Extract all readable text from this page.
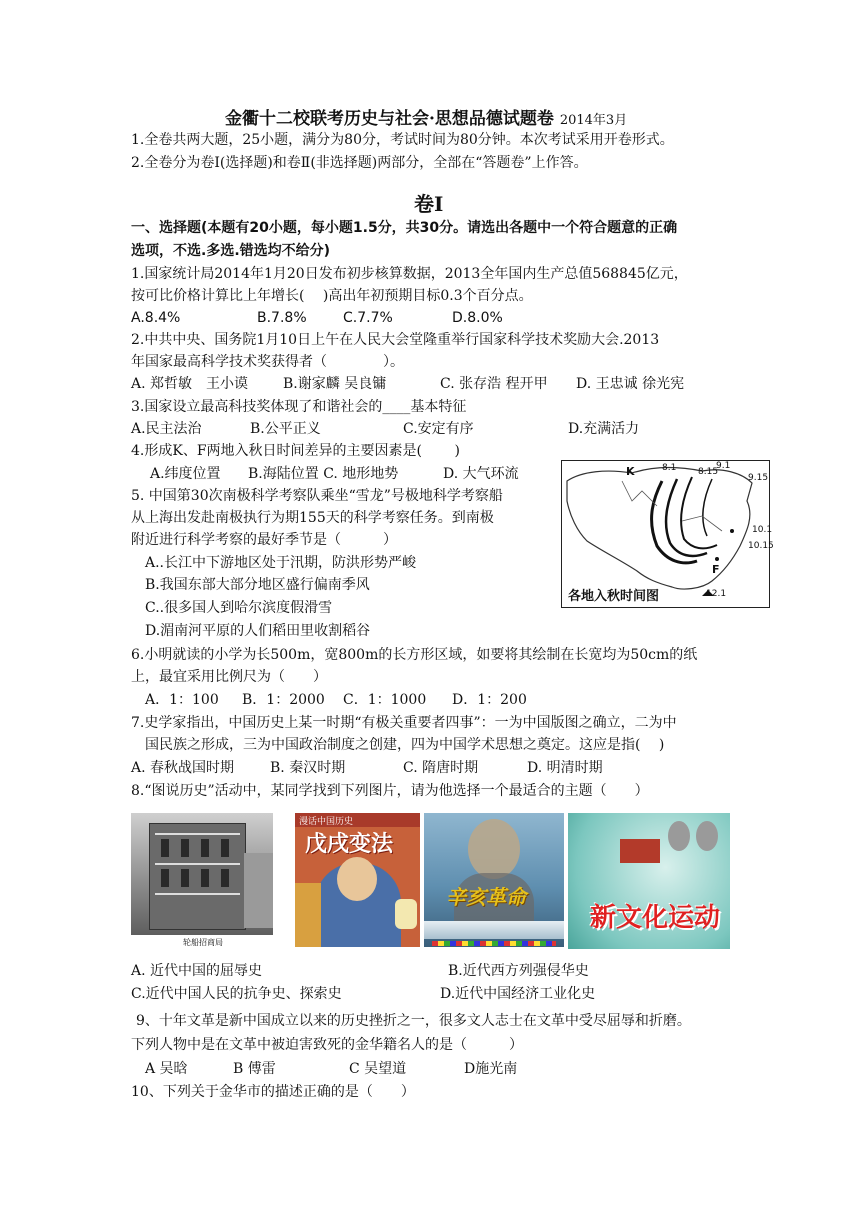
金衢十二校联考历史与社会·思想品德试题卷 2014年3月
1.全卷共两大题，25小题，满分为80分，考试时间为80分钟。本次考试采用开卷形式。
2.全卷分为卷Ⅰ(选择题)和卷Ⅱ(非选择题)两部分，全部在“答题卷”上作答。
卷Ⅰ
一、选择题(本题有20小题，每小题1.5分，共30分。请选出各题中一个符合题意的正确
选项，不选.多选.错选均不给分)
1.国家统计局2014年1月20日发布初步核算数据，2013全年国内生产总值568845亿元，
按可比价格计算比上年增长(　 )高出年初预期目标0.3个百分点。
A.8.4%	B.7.8%	C.7.7%	D.8.0%
2.中共中央、国务院1月10日上午在人民大会堂隆重举行国家科学技术奖励大会.2013
年国家最高科学技术奖获得者（　　　　）。
A. 郑哲敏　王小谟 B.谢家麟 吴良镛	C. 张存浩 程开甲 D. 王忠诚 徐光宪
3.国家设立最高科技奖体现了和谐社会的____基本特征
A.民主法治	B.公平正义	C.安定有序	D.充满活力
4.形成K、F两地入秋日时间差异的主要因素是(　　 )
A.纬度位置 B.海陆位置 C. 地形地势	D. 大气环流
5. 中国第30次南极科学考察队乘坐“雪龙”号极地科学考察船
从上海出发赴南极执行为期155天的科学考察任务。到南极
附近进行科学考察的最好季节是（　　　）
A..长江中下游地区处于汛期，防洪形势严峻
B.我国东部大部分地区盛行偏南季风
C..很多国人到哈尔滨度假滑雪
D.湄南河平原的人们稻田里收割稻谷
K	8.1 8.15
9.1
9.15
10.1
10.15
F
12.1
各地入秋时间图
6.小明就读的小学为长500m，宽800m的长方形区域，如要将其绘制在长宽均为50cm的纸
上，最宜采用比例尺为（　　）
A．1：100 B．1：2000 C．1：1000 D．1：200
7.史学家指出，中国历史上某一时期“有极关重要者四事”：一为中国版图之确立，二为中
国民族之形成，三为中国政治制度之创建，四为中国学术思想之奠定。这应是指(　 )
A. 春秋战国时期	B. 秦汉时期	C. 隋唐时期	D. 明清时期
8.“图说历史”活动中，某同学找到下列图片，请为他选择一个最适合的主题（　　）
轮船招商局
漫话中国历史
戊戌变法
辛亥革命
新文化运动
A. 近代中国的屈辱史	B.近代西方列强侵华史
C.近代中国人民的抗争史、探索史	D.近代中国经济工业化史
9、十年文革是新中国成立以来的历史挫折之一，很多文人志士在文革中受尽屈辱和折磨。
下列人物中是在文革中被迫害致死的金华籍名人的是（　　　）
A 吴晗	B 傅雷	C 吴望道	D施光南
10、下列关于金华市的描述正确的是（　　）
